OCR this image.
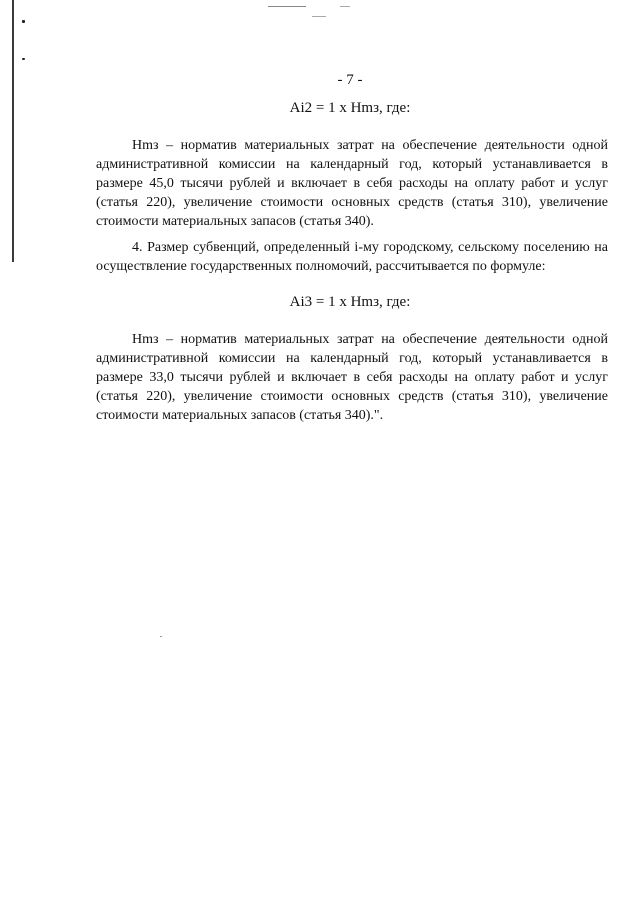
- 7 -
Ai2 = 1 x Hmз, где:

Hmз – норматив материальных затрат на обеспечение деятельности одной административной комиссии на календарный год, который устанавливается в размере 45,0 тысячи рублей и включает в себя расходы на оплату работ и услуг (статья 220), увеличение стоимости основных средств (статья 310), увеличение стоимости материальных запасов (статья 340).

4. Размер субвенций, определенный i-му городскому, сельскому поселению на осуществление государственных полномочий, рассчитывается по формуле:

Ai3 = 1 x Hmз, где:

Hmз – норматив материальных затрат на обеспечение деятельности одной административной комиссии на календарный год, который устанавливается в размере 33,0 тысячи рублей и включает в себя расходы на оплату работ и услуг (статья 220), увеличение стоимости основных средств (статья 310), увеличение стоимости материальных запасов (статья 340).".
